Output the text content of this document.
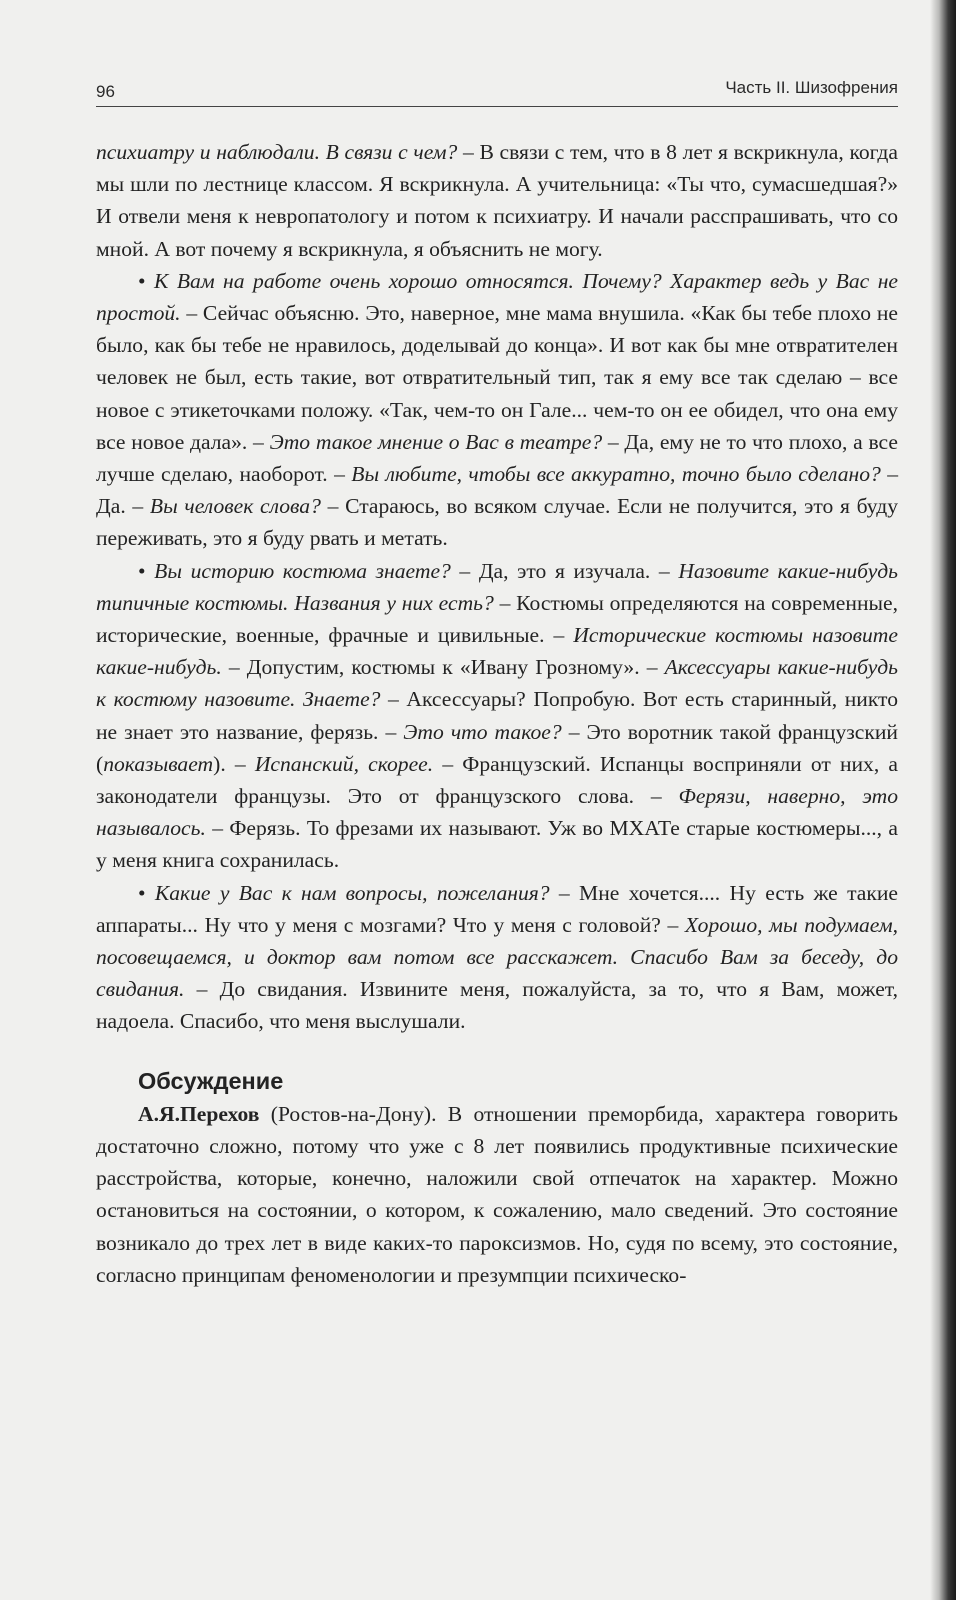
96	Часть II. Шизофрения

психиатру и наблюдали. В связи с чем? – В связи с тем, что в 8 лет я вскрикнула, когда мы шли по лестнице классом. Я вскрикнула. А учительница: «Ты что, сумасшедшая?» И отвели меня к невропатологу и потом к психиатру. И начали расспрашивать, что со мной. А вот почему я вскрикнула, я объяснить не могу.

• К Вам на работе очень хорошо относятся. Почему? Характер ведь у Вас не простой. – Сейчас объясню. Это, наверное, мне мама внушила. «Как бы тебе плохо не было, как бы тебе не нравилось, доделывай до конца». И вот как бы мне отвратителен человек не был, есть такие, вот отвратительный тип, так я ему все так сделаю – все новое с этикеточками положу. «Так, чем-то он Гале... чем-то он ее обидел, что она ему все новое дала». – Это такое мнение о Вас в театре? – Да, ему не то что плохо, а все лучше сделаю, наоборот. – Вы любите, чтобы все аккуратно, точно было сделано? – Да. – Вы человек слова? – Стараюсь, во всяком случае. Если не получится, это я буду переживать, это я буду рвать и метать.

• Вы историю костюма знаете? – Да, это я изучала. – Назовите какие-нибудь типичные костюмы. Названия у них есть? – Костюмы определяются на современные, исторические, военные, фрачные и цивильные. – Исторические костюмы назовите какие-нибудь. – Допустим, костюмы к «Ивану Грозному». – Аксессуары какие-нибудь к костюму назовите. Знаете? – Аксессуары? Попробую. Вот есть старинный, никто не знает это название, ферязь. – Это что такое? – Это воротник такой французский (показывает). – Испанский, скорее. – Французский. Испанцы восприняли от них, а законодатели французы. Это от французского слова. – Ферязи, наверно, это называлось. – Ферязь. То фрезами их называют. Уж во МХАТе старые костюмеры..., а у меня книга сохранилась.

• Какие у Вас к нам вопросы, пожелания? – Мне хочется.... Ну есть же такие аппараты... Ну что у меня с мозгами? Что у меня с головой? – Хорошо, мы подумаем, посовещаемся, и доктор вам потом все расскажет. Спасибо Вам за беседу, до свидания. – До свидания. Извините меня, пожалуйста, за то, что я Вам, может, надоела. Спасибо, что меня выслушали.

Обсуждение

А.Я.Перехов (Ростов-на-Дону). В отношении преморбида, характера говорить достаточно сложно, потому что уже с 8 лет появились продуктивные психические расстройства, которые, конечно, наложили свой отпечаток на характер. Можно остановиться на состоянии, о котором, к сожалению, мало сведений. Это состояние возникало до трех лет в виде каких-то пароксизмов. Но, судя по всему, это состояние, согласно принципам феноменологии и презумпции психическо-
